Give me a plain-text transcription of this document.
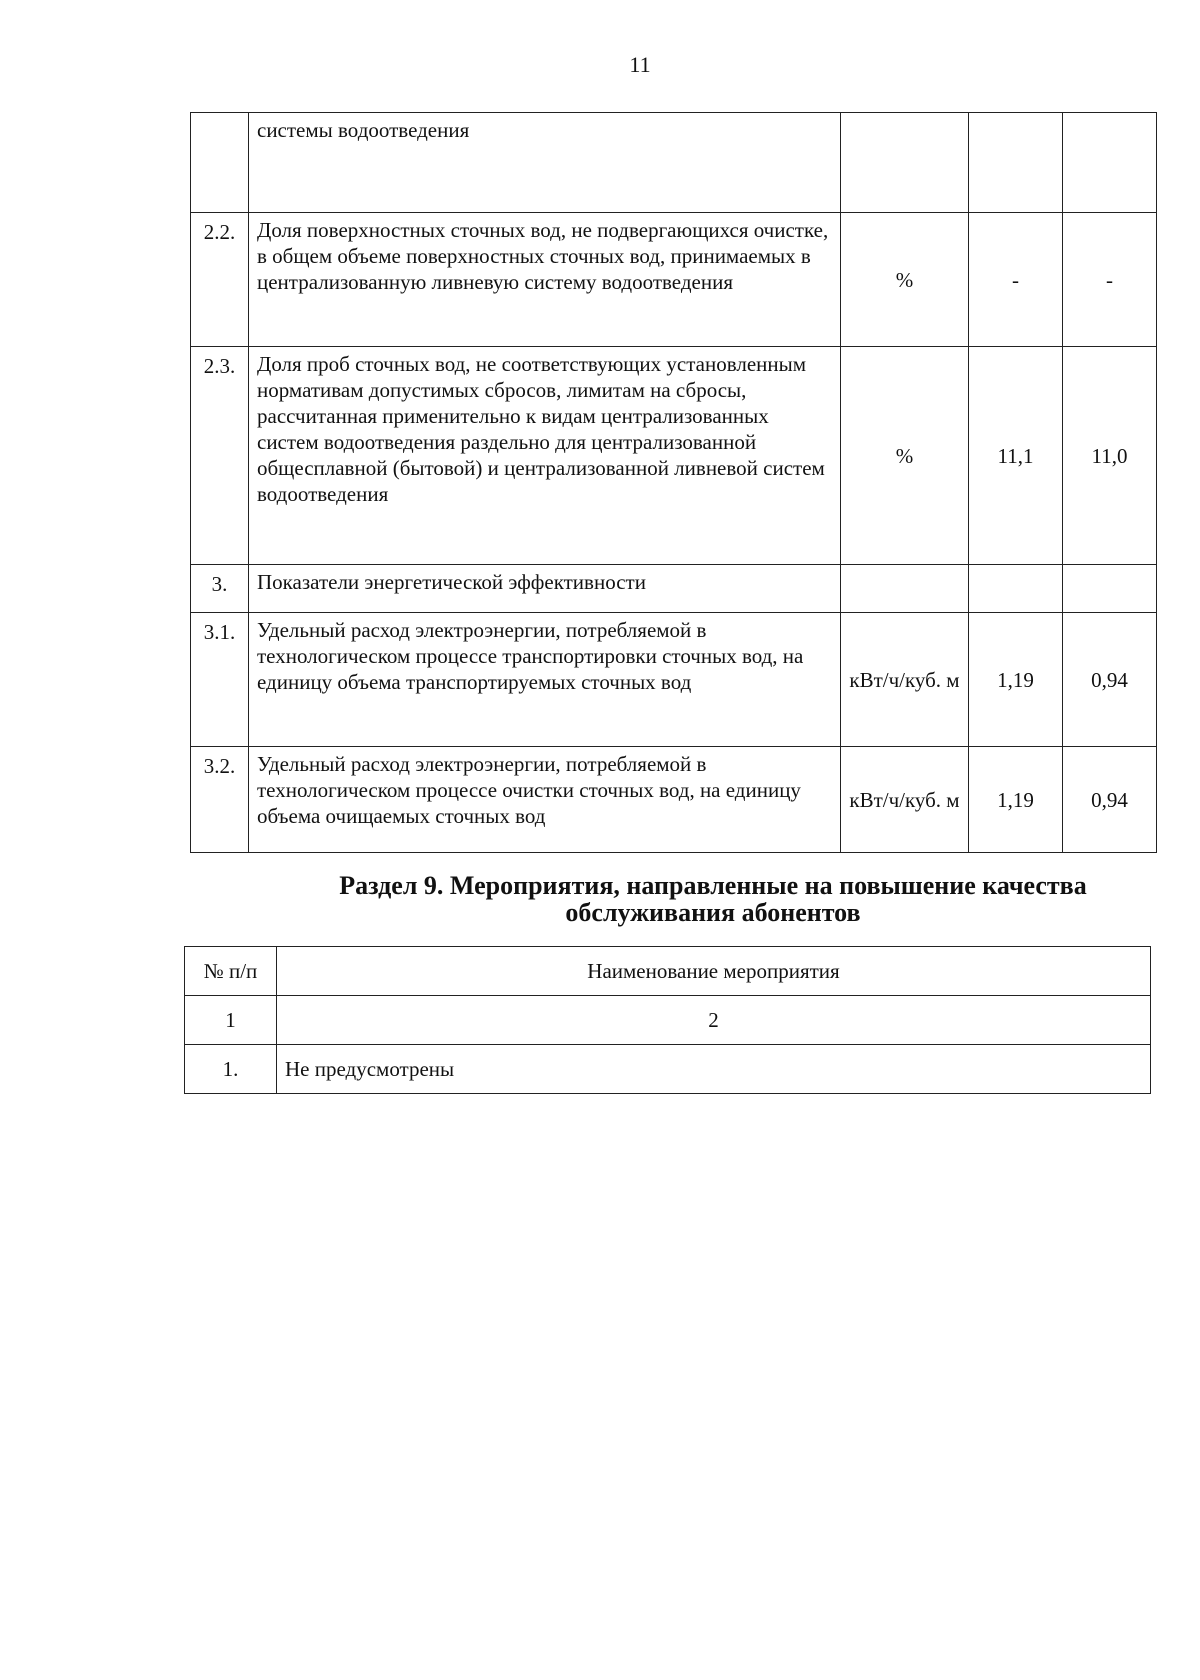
11
	системы водоотведения			
2.2.	Доля поверхностных сточных вод, не подвергающихся очистке, в общем объеме поверхностных сточных вод, принимаемых в централизованную ливневую систему водоотведения	%	-	-
2.3.	Доля проб сточных вод, не соответствующих установленным нормативам допустимых сбросов, лимитам на сбросы, рассчитанная применительно к видам централизованных систем водоотведения раздельно для централизованной общесплавной (бытовой) и централизованной ливневой систем водоотведения	%	11,1	11,0
3.	Показатели энергетической эффективности			
3.1.	Удельный расход электроэнергии, потребляемой в технологическом процессе транспортировки сточных вод, на единицу объема транспортируемых сточных вод	кВт/ч/куб. м	1,19	0,94
3.2.	Удельный расход электроэнергии, потребляемой в технологическом процессе очистки сточных вод, на единицу объема очищаемых сточных вод	кВт/ч/куб. м	1,19	0,94
Раздел 9. Мероприятия, направленные на повышение качества обслуживания абонентов
№ п/п	Наименование мероприятия
1	2
1.	Не предусмотрены
